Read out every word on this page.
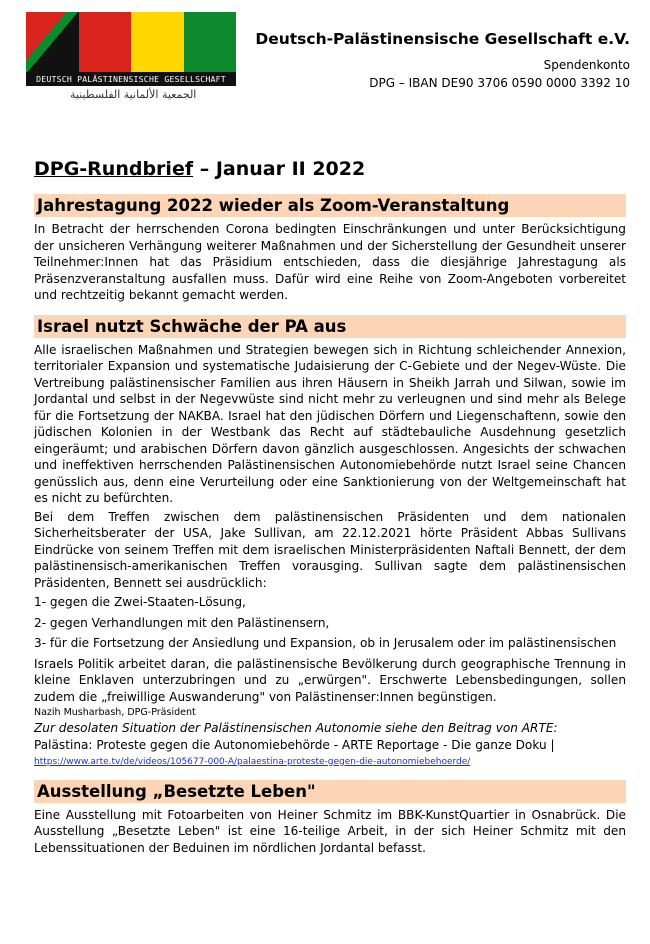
DEUTSCH PALÄSTINENSISCHE GESELLSCHAFT
الجمعية الألمانية الفلسطينية
Deutsch-Palästinensische Gesellschaft e.V.
Spendenkonto
DPG – IBAN DE90 3706 0590 0000 3392 10
DPG-Rundbrief – Januar II 2022
Jahrestagung 2022 wieder als Zoom-Veranstaltung

In Betracht der herrschenden Corona bedingten Einschränkungen und unter Berücksichtigung der unsicheren Verhängung weiterer Maßnahmen und der Sicherstellung der Gesundheit unserer Teilnehmer:Innen hat das Präsidium entschieden, dass die diesjährige Jahrestagung als Präsenzveranstaltung ausfallen muss. Dafür wird eine Reihe von Zoom-Angeboten vorbereitet und rechtzeitig bekannt gemacht werden.

Israel nutzt Schwäche der PA aus

Alle israelischen Maßnahmen und Strategien bewegen sich in Richtung schleichender Annexion, territorialer Expansion und systematische Judaisierung der C-Gebiete und der Negev-Wüste. Die Vertreibung palästinensischer Familien aus ihren Häusern in Sheikh Jarrah und Silwan, sowie im Jordantal und selbst in der Negevwüste sind nicht mehr zu verleugnen und sind mehr als Belege für die Fortsetzung der NAKBA. Israel hat den jüdischen Dörfern und Liegenschaftenn, sowie den jüdischen Kolonien in der Westbank das Recht auf städtebauliche Ausdehnung gesetzlich eingeräumt; und arabischen Dörfern davon gänzlich ausgeschlossen. Angesichts der schwachen und ineffektiven herrschenden Palästinensischen Autonomiebehörde nutzt Israel seine Chancen genüsslich aus, denn eine Verurteilung oder eine Sanktionierung von der Weltgemeinschaft hat es nicht zu befürchten.

Bei dem Treffen zwischen dem palästinensischen Präsidenten und dem nationalen Sicherheitsberater der USA, Jake Sullivan, am 22.12.2021 hörte Präsident Abbas Sullivans Eindrücke von seinem Treffen mit dem israelischen Ministerpräsidenten Naftali Bennett, der dem palästinensisch-amerikanischen Treffen vorausging. Sullivan sagte dem palästinensischen Präsidenten, Bennett sei ausdrücklich:

1- gegen die Zwei-Staaten-Lösung,

2- gegen Verhandlungen mit den Palästinensern,

3- für die Fortsetzung der Ansiedlung und Expansion, ob in Jerusalem oder im palästinensischen

Israels Politik arbeitet daran, die palästinensische Bevölkerung durch geographische Trennung in kleine Enklaven unterzubringen und zu „erwürgen". Erschwerte Lebensbedingungen, sollen zudem die „freiwillige Auswanderung" von Palästinenser:Innen begünstigen.

Nazih Musharbash, DPG-Präsident

Zur desolaten Situation der Palästinensischen Autonomie siehe den Beitrag von ARTE:

Palästina: Proteste gegen die Autonomiebehörde - ARTE Reportage - Die ganze Doku |

https://www.arte.tv/de/videos/105677-000-A/palaestina-proteste-gegen-die-autonomiebehoerde/

Ausstellung „Besetzte Leben"

Eine Ausstellung mit Fotoarbeiten von Heiner Schmitz im BBK-KunstQuartier in Osnabrück. Die Ausstellung „Besetzte Leben" ist eine 16-teilige Arbeit, in der sich Heiner Schmitz mit den Lebenssituationen der Beduinen im nördlichen Jordantal befasst.
